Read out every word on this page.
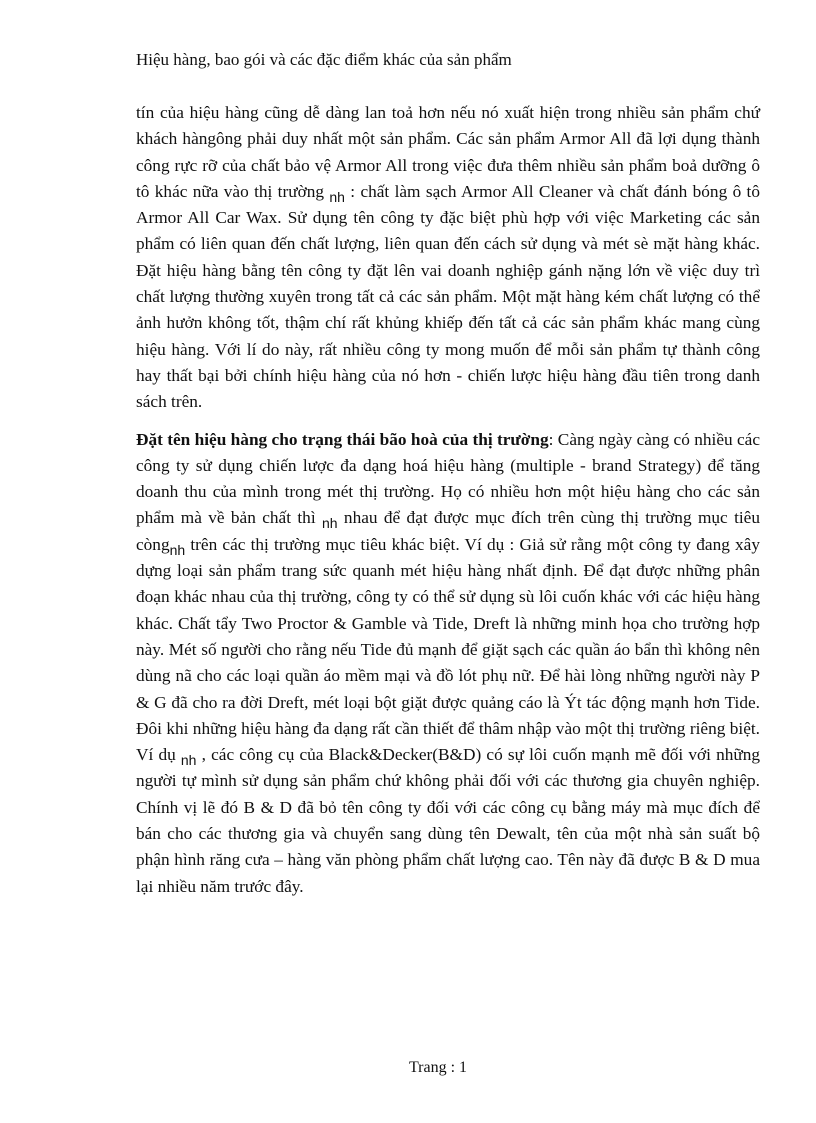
Hiệu hàng, bao gói và các đặc điểm khác của sản phẩm

tín của hiệu hàng cũng dễ dàng lan toả hơn nếu nó xuất hiện trong nhiều sản phẩm chứ khách hàngông phải duy nhất một sản phẩm. Các sản phẩm Armor All đã lợi dụng thành công rực rỡ của chất bảo vệ Armor All trong việc đưa thêm nhiều sản phẩm boả dưỡng ô tô khác nữa vào thị trường $_{nh}$ : chất làm sạch Armor All Cleaner và chất đánh bóng ô tô Armor All Car Wax. Sử dụng tên công ty đặc biệt phù hợp với việc Marketing các sản phẩm có liên quan đến chất lượng, liên quan đến cách sử dụng và mét sè mặt hàng khác. Đặt hiệu hàng bằng tên công ty đặt lên vai doanh nghiệp gánh nặng lớn về việc duy trì chất lượng thường xuyên trong tất cả các sản phẩm. Một mặt hàng kém chất lượng có thể ảnh hưởn không tốt, thậm chí rất khủng khiếp đến tất cả các sản phẩm khác mang cùng hiệu hàng. Với lí do này, rất nhiều công ty mong muốn để mỗi sản phẩm tự thành công hay thất bại bởi chính hiệu hàng của nó hơn - chiến lược hiệu hàng đầu tiên trong danh sách trên.

Đặt tên hiệu hàng cho trạng thái bão hoà của thị trường: Càng ngày càng có nhiều các công ty sử dụng chiến lược đa dạng hoá hiệu hàng (multiple - brand Strategy) để tăng doanh thu của mình trong mét thị trường. Họ có nhiều hơn một hiệu hàng cho các sản phẩm mà về bản chất thì $_{nh}$ nhau để đạt được mục đích trên cùng thị trường mục tiêu còng$_{nh}$ trên các thị trường mục tiêu khác biệt. Ví dụ : Giả sử rằng một công ty đang xây dựng loại sản phẩm trang sức quanh mét hiệu hàng nhất định. Để đạt được những phân đoạn khác nhau của thị trường, công ty có thể sử dụng sù lôi cuốn khác với các hiệu hàng khác. Chất tẩy Two Proctor & Gamble và Tide, Dreft là những minh họa cho trường hợp này. Mét số người cho rằng nếu Tide đủ mạnh để giặt sạch các quần áo bẩn thì không nên dùng nã cho các loại quần áo mềm mại và đồ lót phụ nữ. Để hài lòng những người này P & G đã cho ra đời Dreft, mét loại bột giặt được quảng cáo là Ýt tác động mạnh hơn Tide. Đôi khi những hiệu hàng đa dạng rất cần thiết để thâm nhập vào một thị trường riêng biệt. Ví dụ $_{nh}$ , các công cụ của Black&Decker(B&D) có sự lôi cuốn mạnh mẽ đối với những người tự mình sử dụng sản phẩm chứ không phải đối với các thương gia chuyên nghiệp. Chính vị lẽ đó B & D đã bỏ tên công ty đối với các công cụ bằng máy mà mục đích để bán cho các thương gia và chuyển sang dùng tên Dewalt, tên của một nhà sản suất bộ phận hình răng cưa – hàng văn phòng phẩm chất lượng cao. Tên này đã được B & D mua lại nhiều năm trước đây.

Trang : 1
